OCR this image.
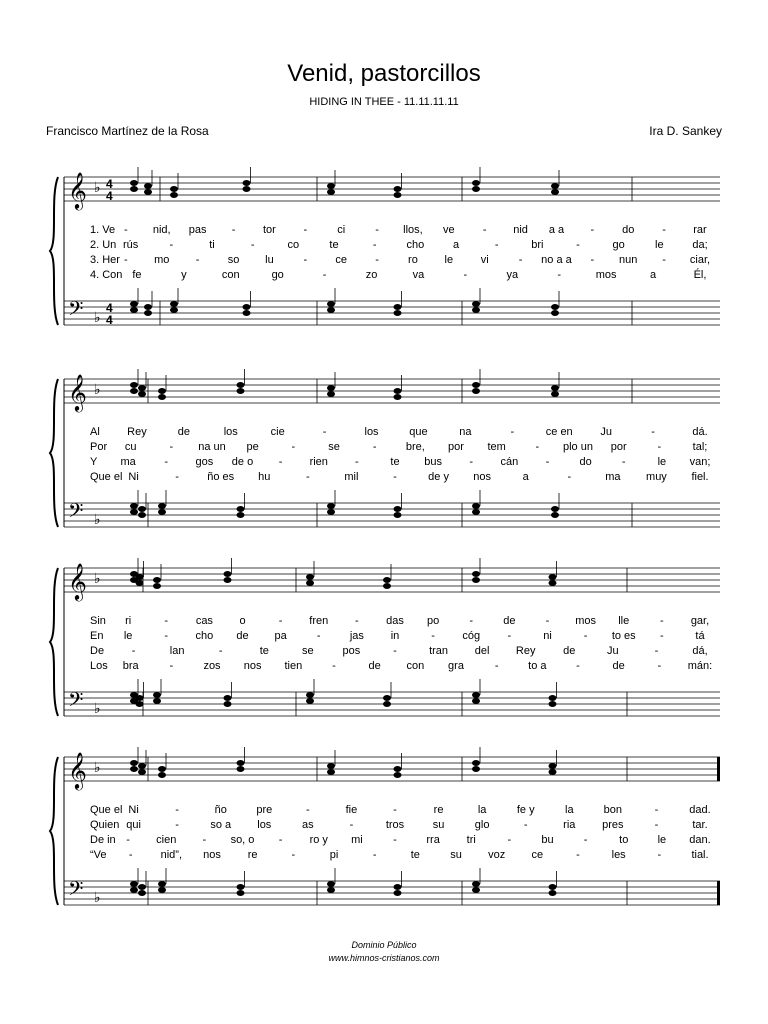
Venid, pastorcillos
HIDING IN THEE - 11.11.11.11
Francisco Martínez de la Rosa	Ira D. Sankey
𝄞
𝄢
♭
♭
4
4
4
4
1. Ve - nid, pas -	tor	-	ci	- llos, ve	- nid a a -	do	- rar
2. Un rús	-	ti	-	co	te	-	cho	a	-	bri	-	go	le	da;
3. Her - mo -	so lu	-	ce	-	ro le	vi	- no a a - nun - ciar,
4. Con fe	y	con	go	-	zo	va	-	ya	-	mos	a	Él,
𝄞
𝄢
♭
♭
Al Rey	de	los	cie	-	los	que	na	-	ce en	Ju	-	dá.
Por cu	- na un pe	-	se	-	bre, por tem	- plo un por	-	tal;
Y ma	- gos de o - rien -	te bus - cán -	do	-	le van;
Que el Ni	-	ño es hu	-	mil	-	de y nos	a	-	ma muy fiel.
𝄞
𝄢
♭
♭
Sin ri	-	cas o	- fren - das po	-	de	- mos lle	- gar,
En le	- cho de pa	-	jas in	- cóg -	ni	- to es -	tá
De	-	lan	-	te	se	pos	-	tran del Rey	de	Ju	-	dá,
Los bra	-	zos nos tien	-	de con gra	-	to a	-	de	- mán:
𝄞
𝄢
♭
♭
Que el Ni	-	ño	pre	-	fie	-	re	la	fe y	la	bon	-	dad.
Quien qui	-	so a los	as	-	tros	su	glo	-	ria pres	-	tar.
De in - cien - so, o - ro y mi	-	rra tri	-	bu	-	to	le dan.
“Ve -	nid”, nos re	-	pi	-	te	su voz ce	-	les	-	tial.
Dominio Público
www.himnos-cristianos.com
